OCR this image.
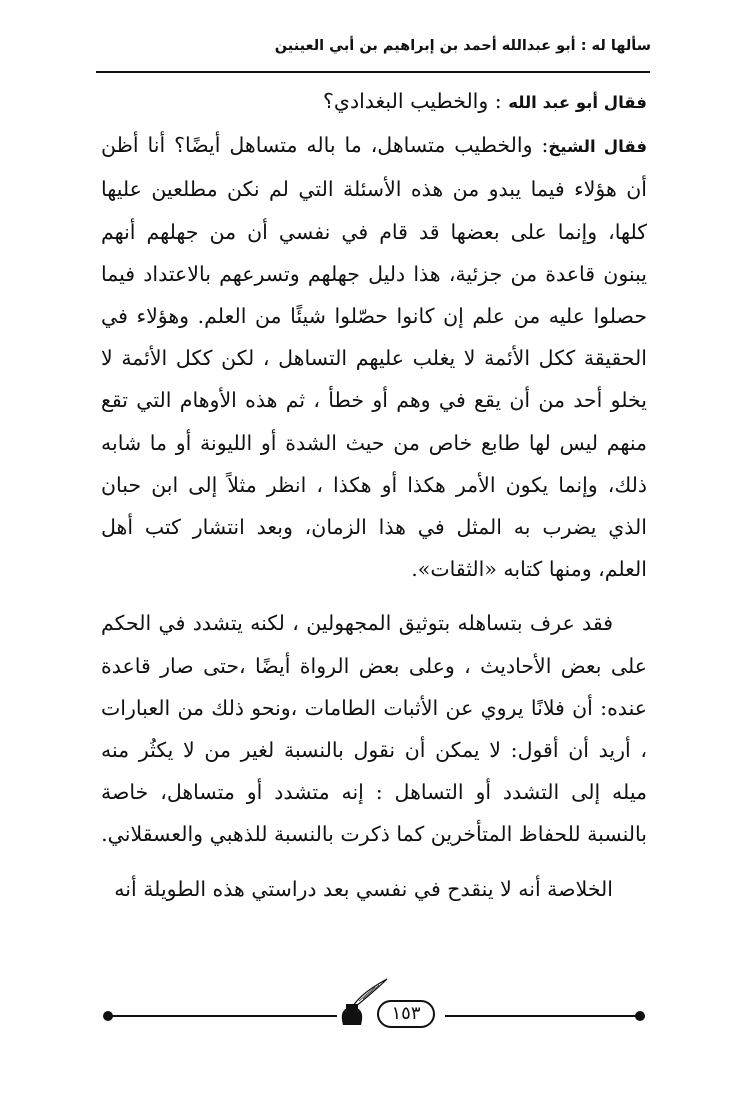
سألها له : أبو عبدالله أحمد بن إبراهيم بن أبي العينين

فقال أبو عبد الله : والخطيب البغدادي؟

فقال الشيخ: والخطيب متساهل، ما باله متساهل أيضًا؟ أنا أظن أن هؤلاء فيما يبدو من هذه الأسئلة التي لم نكن مطلعين عليها كلها، وإنما على بعضها قد قام في نفسي أن من جهلهم أنهم يبنون قاعدة من جزئية، هذا دليل جهلهم وتسرعهم بالاعتداد فيما حصلوا عليه من علم إن كانوا حصّلوا شيئًا من العلم. وهؤلاء في الحقيقة ككل الأئمة لا يغلب عليهم التساهل ، لكن ككل الأئمة لا يخلو أحد من أن يقع في وهم أو خطأ ، ثم هذه الأوهام التي تقع منهم ليس لها طابع خاص من حيث الشدة أو الليونة أو ما شابه ذلك، وإنما يكون الأمر هكذا أو هكذا ، انظر مثلاً إلى ابن حبان الذي يضرب به المثل في هذا الزمان، وبعد انتشار كتب أهل العلم، ومنها كتابه «الثقات».

فقد عرف بتساهله بتوثيق المجهولين ، لكنه يتشدد في الحكم على بعض الأحاديث ، وعلى بعض الرواة أيضًا ،حتى صار قاعدة عنده: أن فلانًا يروي عن الأثبات الطامات ،ونحو ذلك من العبارات ، أريد أن أقول: لا يمكن أن نقول بالنسبة لغير من لا يكثُر منه ميله إلى التشدد أو التساهل : إنه متشدد أو متساهل، خاصة بالنسبة للحفاظ المتأخرين كما ذكرت بالنسبة للذهبي والعسقلاني.

الخلاصة أنه لا ينقدح في نفسي بعد دراستي هذه الطويلة أنه

١٥٣
